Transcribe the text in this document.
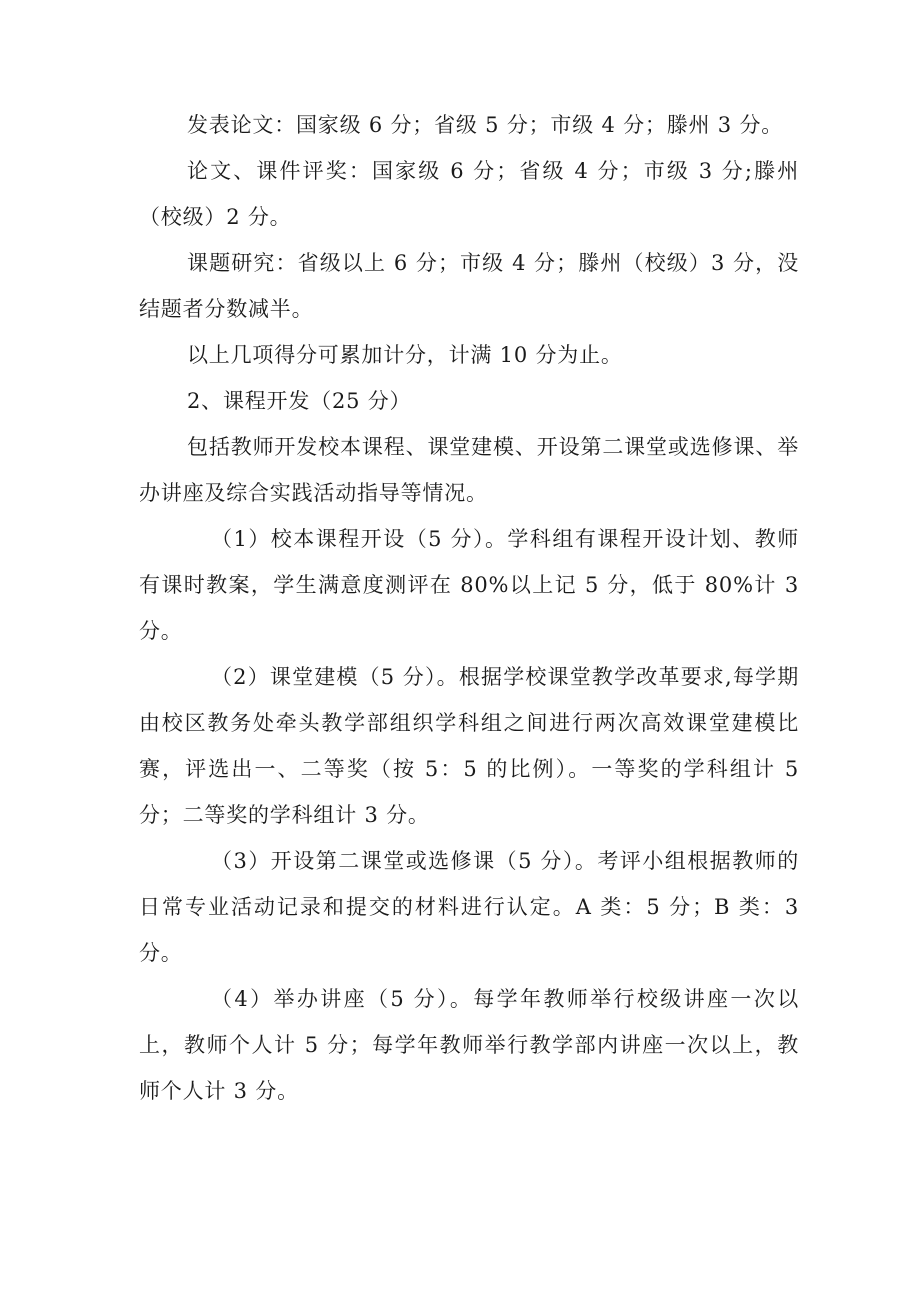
发表论文：国家级 6 分；省级 5 分；市级 4 分；滕州 3 分。

论文、课件评奖：国家级 6 分；省级 4 分；市级 3 分;滕州（校级）2 分。

课题研究：省级以上 6 分；市级 4 分；滕州（校级）3 分，没结题者分数减半。

以上几项得分可累加计分，计满 10 分为止。

2、课程开发（25 分）

包括教师开发校本课程、课堂建模、开设第二课堂或选修课、举办讲座及综合实践活动指导等情况。

（1）校本课程开设（5 分）。学科组有课程开设计划、教师有课时教案，学生满意度测评在 80%以上记 5 分，低于 80%计 3 分。

（2）课堂建模（5 分）。根据学校课堂教学改革要求,每学期由校区教务处牵头教学部组织学科组之间进行两次高效课堂建模比赛，评选出一、二等奖（按 5：5 的比例）。一等奖的学科组计 5 分；二等奖的学科组计 3 分。

（3）开设第二课堂或选修课（5 分）。考评小组根据教师的日常专业活动记录和提交的材料进行认定。A 类：5 分；B 类：3 分。

（4）举办讲座（5 分）。每学年教师举行校级讲座一次以上，教师个人计 5 分；每学年教师举行教学部内讲座一次以上，教师个人计 3 分。
